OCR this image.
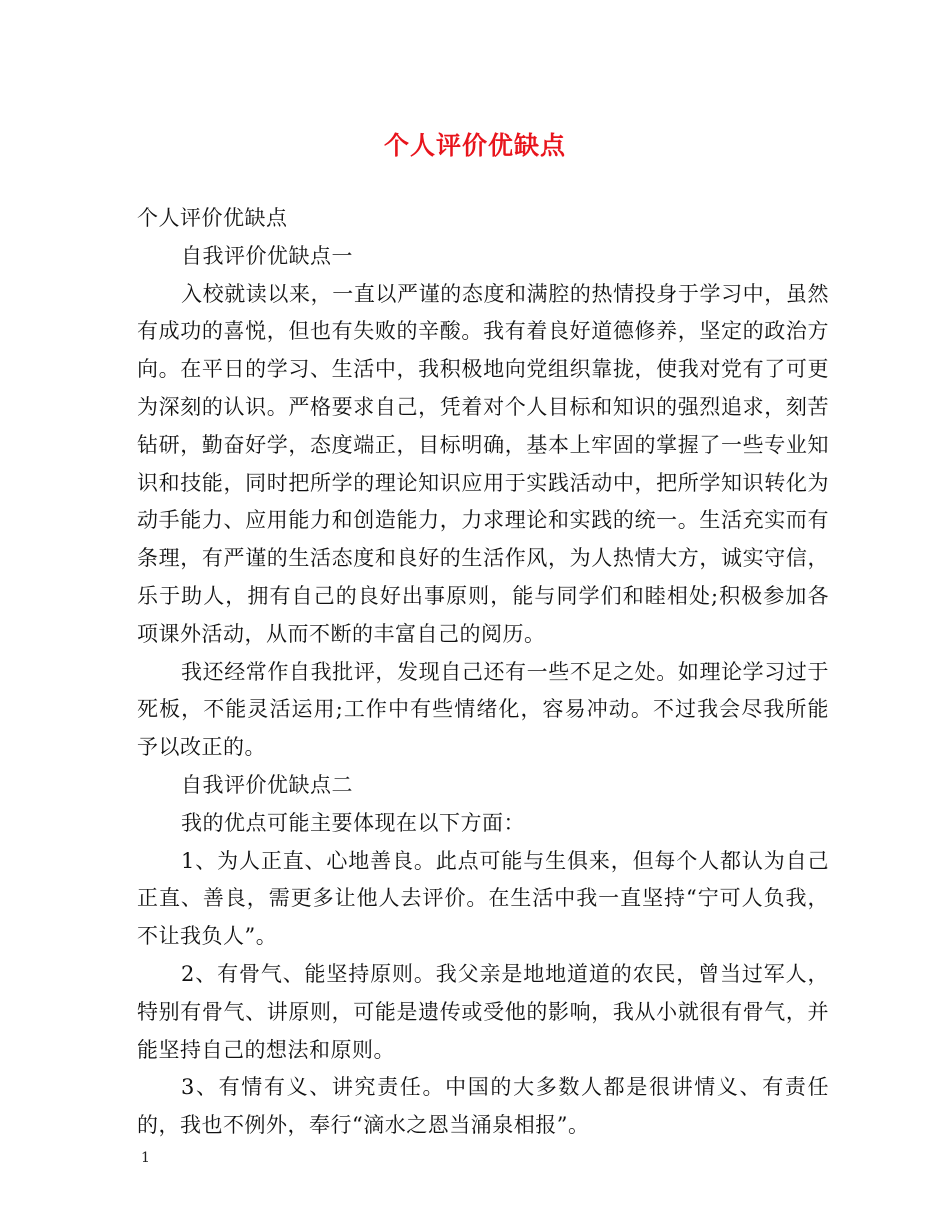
个人评价优缺点

个人评价优缺点

自我评价优缺点一

入校就读以来，一直以严谨的态度和满腔的热情投身于学习中，虽然有成功的喜悦，但也有失败的辛酸。我有着良好道德修养，坚定的政治方向。在平日的学习、生活中，我积极地向党组织靠拢，使我对党有了可更为深刻的认识。严格要求自己，凭着对个人目标和知识的强烈追求，刻苦钻研，勤奋好学，态度端正，目标明确，基本上牢固的掌握了一些专业知识和技能，同时把所学的理论知识应用于实践活动中，把所学知识转化为动手能力、应用能力和创造能力，力求理论和实践的统一。生活充实而有条理，有严谨的生活态度和良好的生活作风，为人热情大方，诚实守信，乐于助人，拥有自己的良好出事原则，能与同学们和睦相处;积极参加各项课外活动，从而不断的丰富自己的阅历。

我还经常作自我批评，发现自己还有一些不足之处。如理论学习过于死板，不能灵活运用;工作中有些情绪化，容易冲动。不过我会尽我所能予以改正的。

自我评价优缺点二

我的优点可能主要体现在以下方面：

1、为人正直、心地善良。此点可能与生俱来，但每个人都认为自己正直、善良，需更多让他人去评价。在生活中我一直坚持“宁可人负我，不让我负人”。

2、有骨气、能坚持原则。我父亲是地地道道的农民，曾当过军人，特别有骨气、讲原则，可能是遗传或受他的影响，我从小就很有骨气，并能坚持自己的想法和原则。

3、有情有义、讲究责任。中国的大多数人都是很讲情义、有责任的，我也不例外，奉行“滴水之恩当涌泉相报”。

1
